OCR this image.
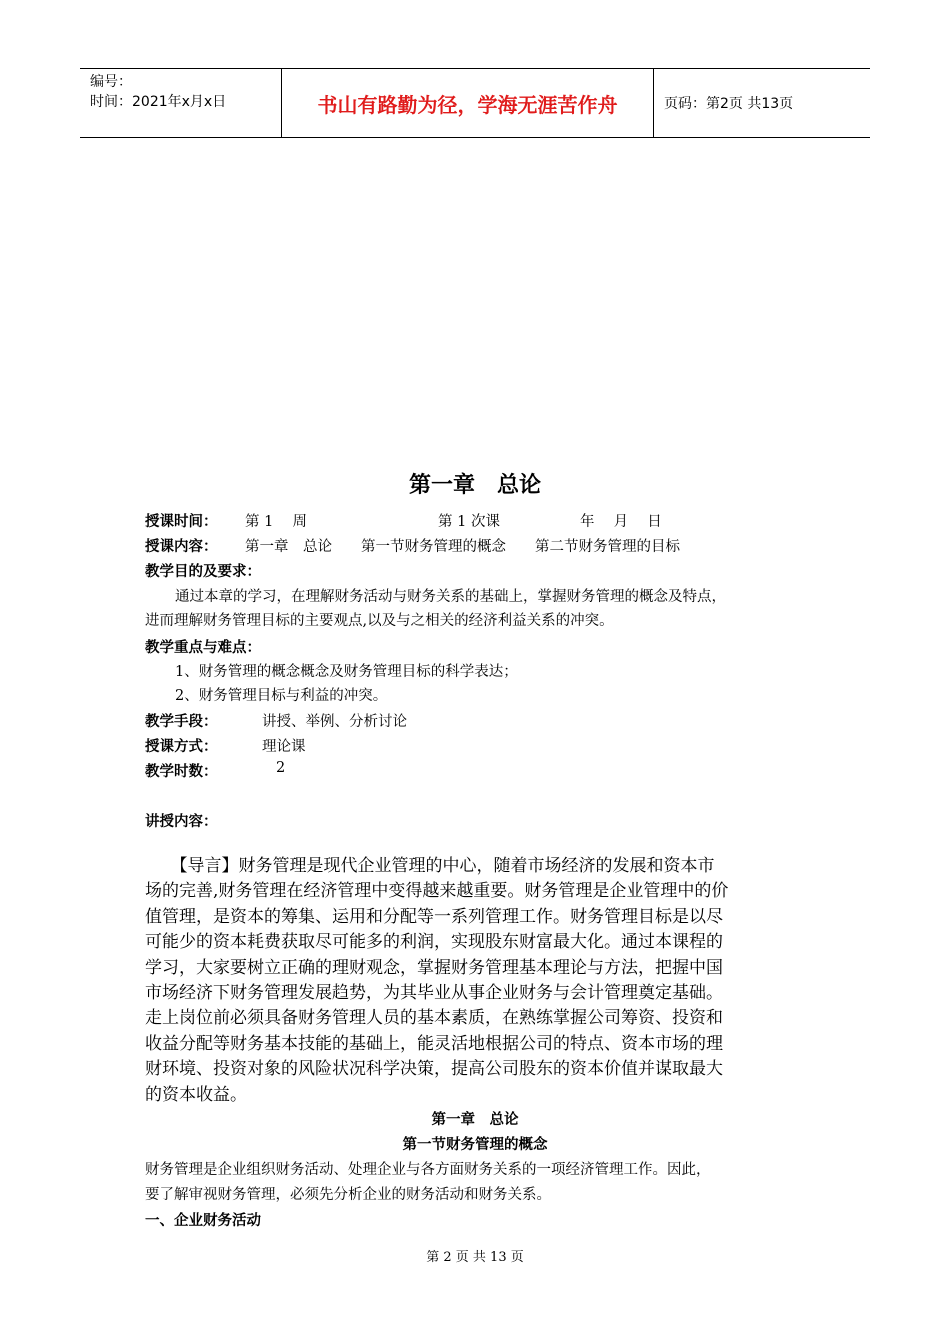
编号：
时间：2021年x月x日	书山有路勤为径，学海无涯苦作舟	页码：第2页 共13页
第一章　总论
授课时间： 第 1　 周	第 1 次课	年　 月　 日
授课内容： 第一章　总论　　第一节财务管理的概念　　第二节财务管理的目标
教学目的及要求：
通过本章的学习，在理解财务活动与财务关系的基础上，掌握财务管理的概念及特点，
进而理解财务管理目标的主要观点,以及与之相关的经济利益关系的冲突。
教学重点与难点：
1、财务管理的概念概念及财务管理目标的科学表达；
2、财务管理目标与利益的冲突。
教学手段：	讲授、举例、分析讨论
授课方式：	理论课
教学时数：	2
讲授内容：
　　【导言】财务管理是现代企业管理的中心，随着市场经济的发展和资本市
场的完善,财务管理在经济管理中变得越来越重要。财务管理是企业管理中的价
值管理，是资本的筹集、运用和分配等一系列管理工作。财务管理目标是以尽
可能少的资本耗费获取尽可能多的利润，实现股东财富最大化。通过本课程的
学习，大家要树立正确的理财观念，掌握财务管理基本理论与方法，把握中国
市场经济下财务管理发展趋势，为其毕业从事企业财务与会计管理奠定基础。
走上岗位前必须具备财务管理人员的基本素质，在熟练掌握公司筹资、投资和
收益分配等财务基本技能的基础上，能灵活地根据公司的特点、资本市场的理
财环境、投资对象的风险状况科学决策，提高公司股东的资本价值并谋取最大
的资本收益。
第一章　总论
第一节财务管理的概念
财务管理是企业组织财务活动、处理企业与各方面财务关系的一项经济管理工作。因此，
要了解审视财务管理，必须先分析企业的财务活动和财务关系。
一、企业财务活动
第 2 页 共 13 页
